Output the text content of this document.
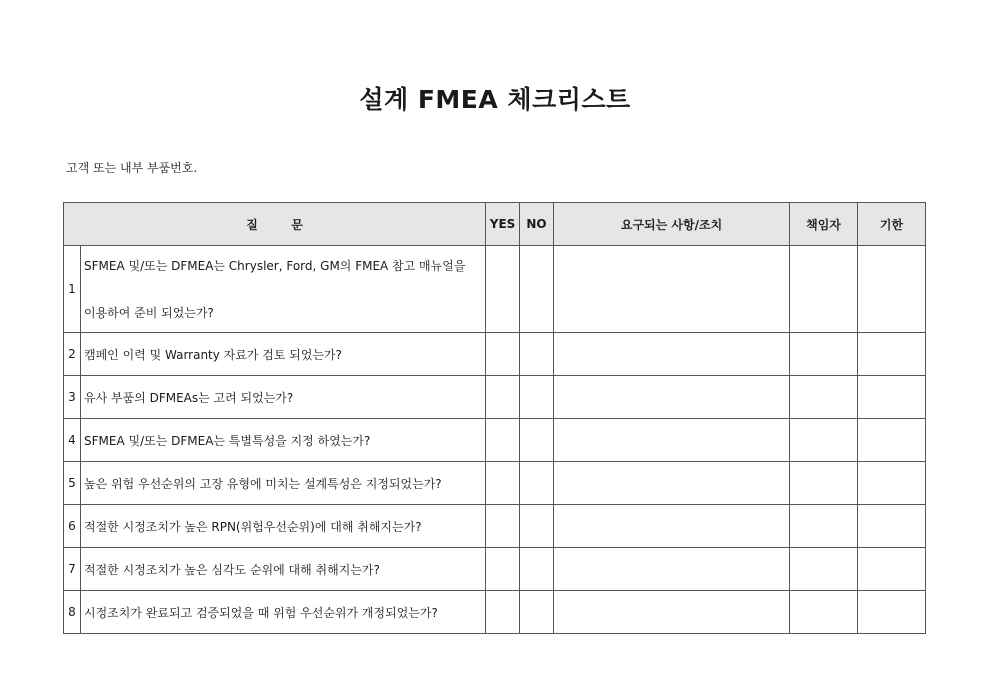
설계 FMEA 체크리스트
고객 또는 내부 부품번호.
질        문		YES	NO	요구되는 사항/조치	책임자	기한
1	SFMEA 및/또는 DFMEA는 Chrysler, Ford, GM의 FMEA 참고 매뉴얼을
이용하여 준비 되었는가?					

2	캠페인 이력 및 Warranty 자료가 검토 되었는가?					
3	유사 부품의 DFMEAs는 고려 되었는가?					
4	SFMEA 및/또는 DFMEA는 특별특성을 지정 하였는가?					
5	높은 위험 우선순위의 고장 유형에 미치는 설계특성은 지정되었는가?					
6	적절한 시정조치가 높은 RPN(위험우선순위)에 대해 취해지는가?					
7	적절한 시정조치가 높은 심각도 순위에 대해 취해지는가?					
8	시정조치가 완료되고 검증되었을 때 위험 우선순위가 개정되었는가?					
